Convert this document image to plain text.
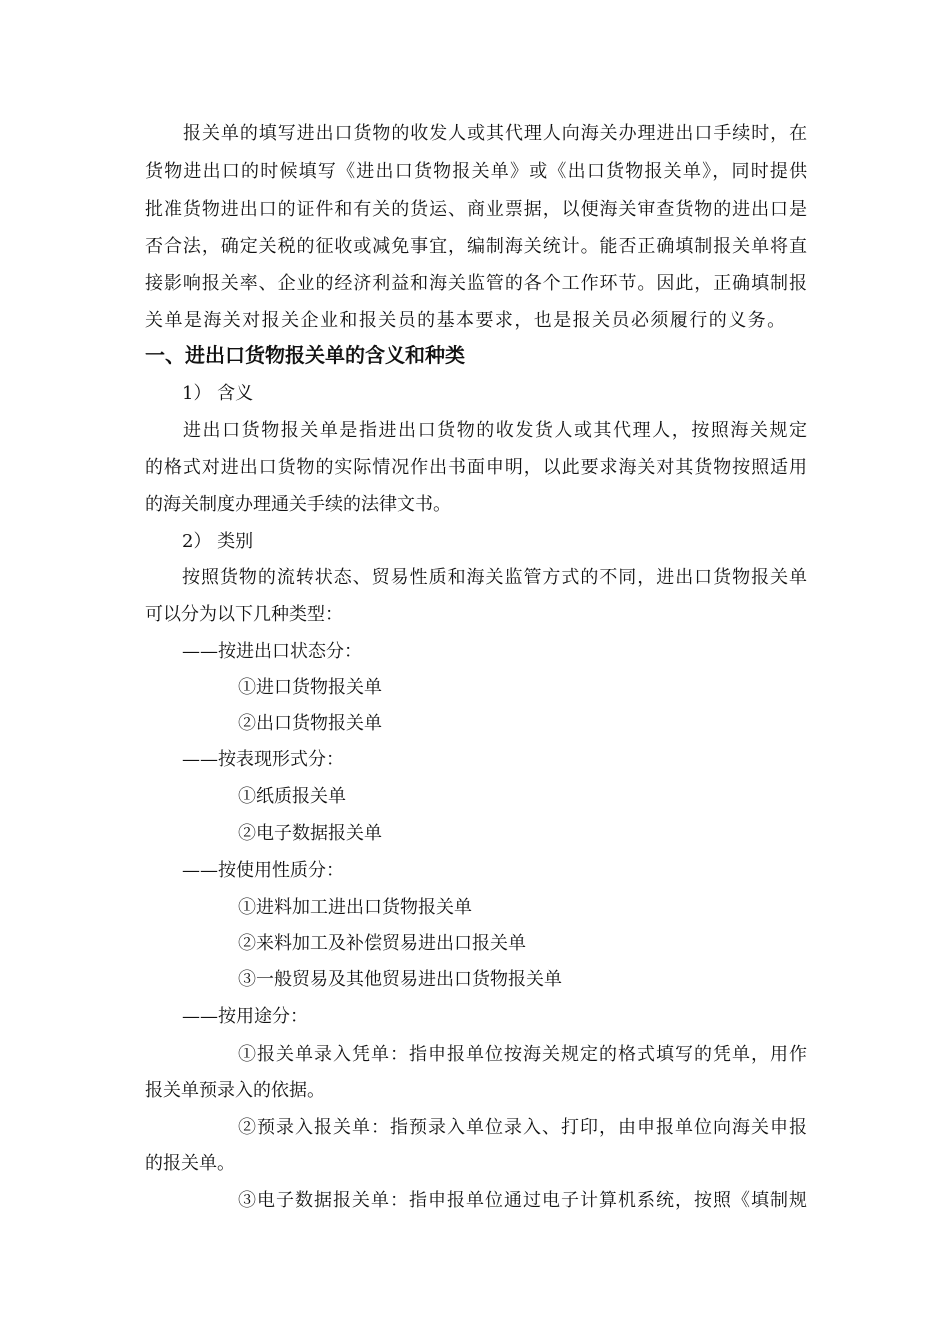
报关单的填写进出口货物的收发人或其代理人向海关办理进出口手续时，在

货物进出口的时候填写《进出口货物报关单》或《出口货物报关单》，同时提供

批准货物进出口的证件和有关的货运、商业票据，以便海关审查货物的进出口是

否合法，确定关税的征收或减免事宜，编制海关统计。能否正确填制报关单将直

接影响报关率、企业的经济利益和海关监管的各个工作环节。因此，正确填制报

关单是海关对报关企业和报关员的基本要求，也是报关员必须履行的义务。

一、进出口货物报关单的含义和种类

1） 含义

进出口货物报关单是指进出口货物的收发货人或其代理人，按照海关规定

的格式对进出口货物的实际情况作出书面申明，以此要求海关对其货物按照适用

的海关制度办理通关手续的法律文书。

2） 类别

按照货物的流转状态、贸易性质和海关监管方式的不同，进出口货物报关单

可以分为以下几种类型：

——按进出口状态分：

①进口货物报关单

②出口货物报关单

——按表现形式分：

①纸质报关单

②电子数据报关单

——按使用性质分：

①进料加工进出口货物报关单

②来料加工及补偿贸易进出口报关单

③一般贸易及其他贸易进出口货物报关单

——按用途分：

①报关单录入凭单：指申报单位按海关规定的格式填写的凭单，用作

报关单预录入的依据。

②预录入报关单：指预录入单位录入、打印，由申报单位向海关申报

的报关单。

③电子数据报关单：指申报单位通过电子计算机系统，按照《填制规
